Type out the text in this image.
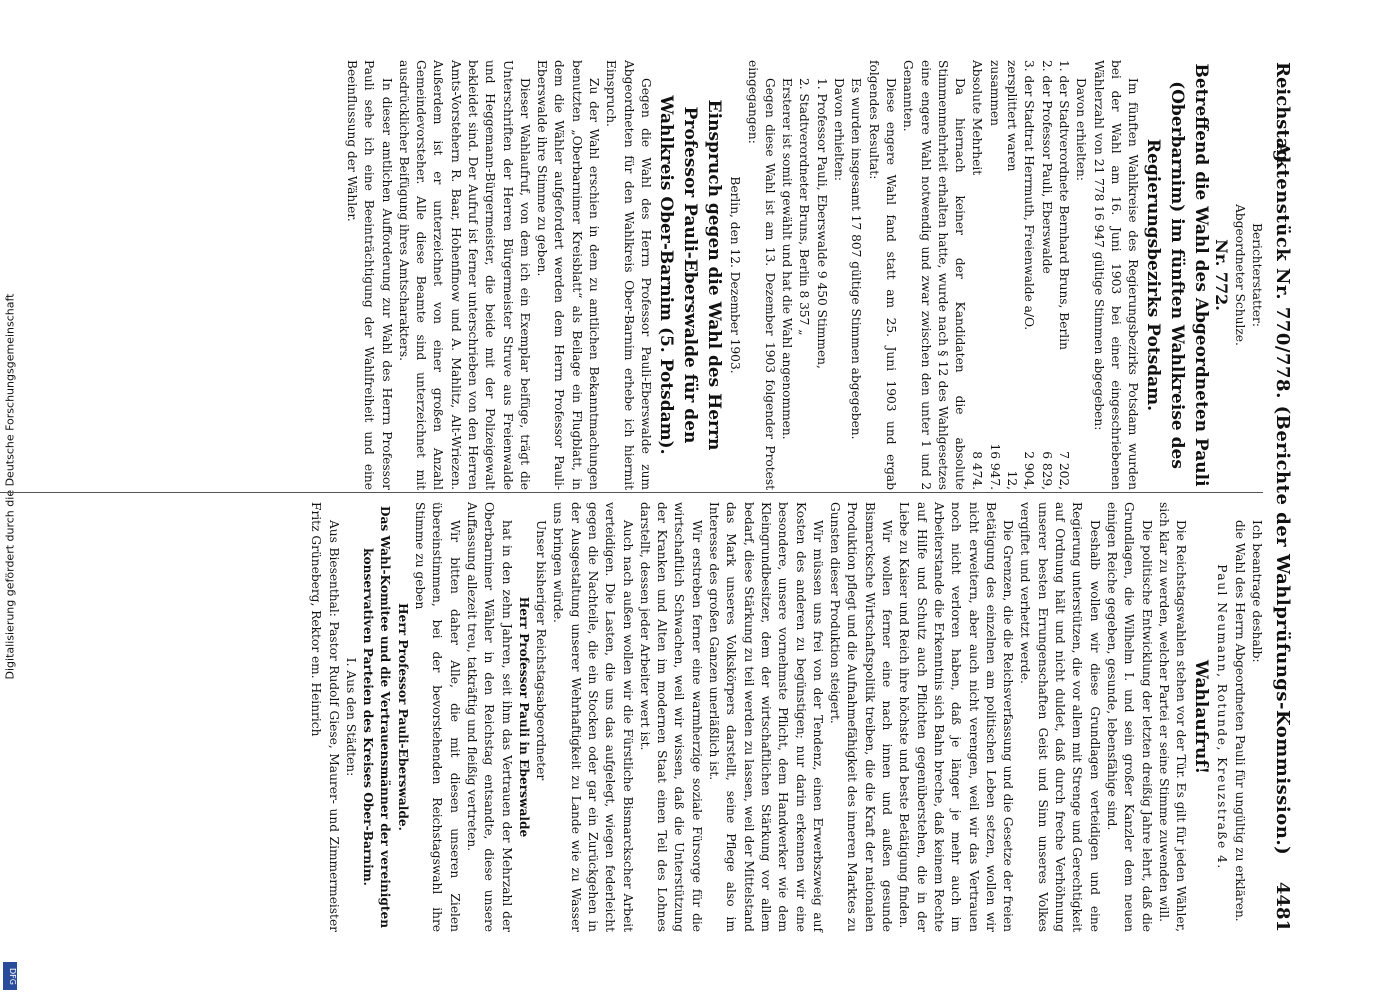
Digitalisierung gefördert durch die Deutsche Forschungsgemeinschaft
DFG
Reichstag.
Aktenstück Nr. 770/778. (Berichte der Wahlprüfungs-Kommission.)
4481

Berichterstatter:

Abgeordneter Schulze.

Nr. 772.

Betreffend die Wahl des Abgeordneten Pauli (Oberbarnim) im fünften Wahlkreise des Regierungsbezirks Potsdam.

Im fünften Wahlkreise des Regierungsbezirks Potsdam wurden bei der Wahl am 16. Juni 1903 bei einer eingeschriebenen Wählerzahl von 21 778 16 947 gültige Stimmen abgegeben:

Davon erhielten:

1. der Stadtverordnete Bernhard Bruns, Berlin
7 202,
2. der Professor Pauli, Eberswalde
6 829,
3. der Stadtrat Herrmuth, Freienwalde a/O.
2 904,
zersplittert waren
12,
zusammen
16 947.
Absolute Mehrheit
8 474.

Da hiernach keiner der Kandidaten die absolute Stimmenmehrheit erhalten hatte, wurde nach § 12 des Wahlgesetzes eine engere Wahl notwendig und zwar zwischen den unter 1 und 2 Genannten.

Diese engere Wahl fand statt am 25. Juni 1903 und ergab folgendes Resultat:

Es wurden insgesamt 17 807 gültige Stimmen abgegeben.

Davon erhielten:

1. Professor Pauli, Eberswalde 9 450 Stimmen,

2. Stadtverordneter Bruns, Berlin 8 357 „

Ersterer ist somit gewählt und hat die Wahl angenommen.

Gegen diese Wahl ist am 13. Dezember 1903 folgender Protest eingegangen:

Berlin, den 12. Dezember 1903.

Einspruch gegen die Wahl des Herrn Professor Pauli-Eberswalde für den Wahlkreis Ober-Barnim (5. Potsdam).

Gegen die Wahl des Herrn Professor Pauli-Eberswalde zum Abgeordneten für den Wahlkreis Ober-Barnim erhebe ich hiermit Einspruch.

Zu der Wahl erschien in dem zu amtlichen Bekanntmachungen benutzten „Oberbarnimer Kreisblatt“ als Beilage ein Flugblatt, in dem die Wähler aufgefordert werden dem Herrn Professor Pauli-Eberswalde ihre Stimme zu geben.

Dieser Wahlaufruf, von dem ich ein Exemplar beifüge, trägt die Unterschriften der Herren Bürgermeister Struve aus Freienwalde und Heggemann-Bürgermeister, die beide mit der Polizeigewalt bekleidet sind. Der Aufruf ist ferner unterschrieben von den Herren Amts-Vorstehern R. Baar, Hohenfinow und A. Mahlitz, Alt-Wriezen. Außerdem ist er unterzeichnet von einer großen Anzahl Gemeindevorsteher. Alle diese Beamte sind unterzeichnet mit ausdrücklicher Beifügung ihres Amtscharakters.

In dieser amtlichen Aufforderung zur Wahl des Herrn Professor Pauli sehe ich eine Beeinträchtigung der Wahlfreiheit und eine Beeinflussung der Wähler.

Ich beantrage deshalb:

die Wahl des Herrn Abgeordneten Pauli für ungültig zu erklären.

Paul Neumann, Rotunde, Kreuzstraße 4.

Wahlaufruf!

Die Reichstagswahlen stehen vor der Tür. Es gilt für jeden Wähler, sich klar zu werden, welcher Partei er seine Stimme zuwenden will.

Die politische Entwicklung der letzten dreißig Jahre lehrt, daß die Grundlagen, die Wilhelm I. und sein großer Kanzler dem neuen einigen Reiche gegeben, gesunde, lebensfähige sind.

Deshalb wollen wir diese Grundlagen verteidigen und eine Regierung unterstützen, die vor allem mit Strenge und Gerechtigkeit auf Ordnung hält und nicht duldet, daß durch freche Verhöhnung unserer besten Errungenschaften Geist und Sinn unseres Volkes vergiftet und verhetzt werde.

Die Grenzen, die die Reichsverfassung und die Gesetze der freien Betätigung des einzelnen am politischen Leben setzen, wollen wir nicht erweitern, aber auch nicht verengen, weil wir das Vertrauen noch nicht verloren haben, daß je länger je mehr auch im Arbeiterstande die Erkenntnis sich Bahn breche, daß keinem Rechte auf Hilfe und Schutz auch Pflichten gegenüberstehen, die in der Liebe zu Kaiser und Reich ihre höchste und beste Betätigung finden.

Wir wollen ferner eine nach innen und außen gesunde Bismarcksche Wirtschaftspolitik treiben, die die Kraft der nationalen Produktion pflegt und die Aufnahmefähigkeit des inneren Marktes zu Gunsten dieser Produktion steigert.

Wir müssen uns frei von der Tendenz, einen Erwerbszweig auf Kosten des anderen zu begünstigen; nur darin erkennen wir eine besondere, unsere vornehmste Pflicht, dem Handwerker wie dem Kleingrundbesitzer, dem der wirtschaftlichen Stärkung vor allem bedarf, diese Stärkung zu teil werden zu lassen, weil der Mittelstand das Mark unseres Volkskörpers darstellt, seine Pflege also im Interesse des großen Ganzen unerläßlich ist.

Wir erstreben ferner eine warmherzige soziale Fürsorge für die wirtschaftlich Schwachen, weil wir wissen, daß die Unterstützung der Kranken und Alten im modernen Staat einen Teil des Lohnes darstellt, dessen jeder Arbeiter wert ist.

Auch nach außen wollen wir die Fürstliche Bismarckscher Arbeit verteidigen. Die Lasten, die uns das aufgelegt, wiegen federleicht gegen die Nachteile, die ein Stocken oder gar ein Zurückgehen in der Ausgestaltung unserer Wehrhaftigkeit zu Lande wie zu Wasser uns bringen würde.

Unser bisheriger Reichstagsabgeordneter

Herr Professor Pauli in Eberswalde

hat in den zehn Jahren, seit ihm das Vertrauen der Mehrzahl der Oberbarnimer Wähler in den Reichstag entsandte, diese unsere Auffassung allezeit treu, tatkräftig und fleißig vertreten.

Wir bitten daher Alle, die mit diesen unseren Zielen übereinstimmen, bei der bevorstehenden Reichstagswahl ihre Stimme zu geben

Herr Professor Pauli-Eberswalde.

Das Wahl-Komitee und die Vertrauensmänner der vereinigten konservativen Parteien des Kreises Ober-Barnim.

I. Aus den Städten:

Aus Biesenthal: Pastor Rudolf Giese, Maurer- und Zimmermeister Fritz Grüneberg, Rektor em. Heinrich
